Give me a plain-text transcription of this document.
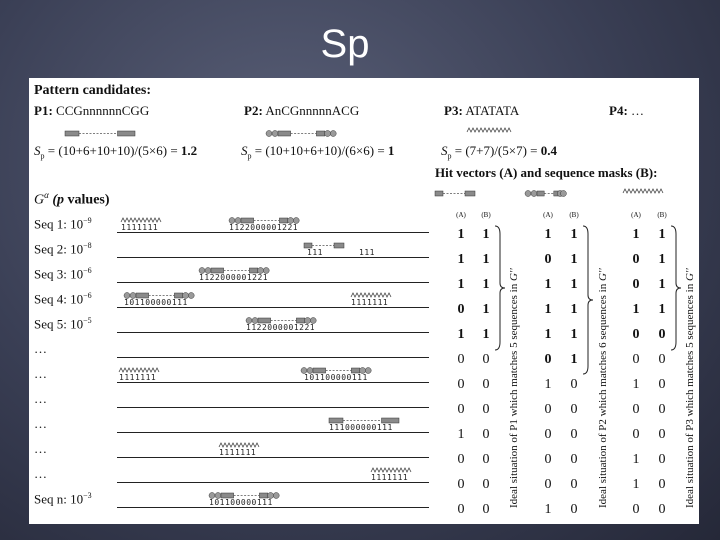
Sp
Pattern candidates:
P1: CCGnnnnnnCGG	P2: AnCGnnnnnACG	P3: ATATATA	P4: …
$S_p = (10+6+10+10)/(5\times 6) = 1.2$	$S_p = (10+10+6+10)/(6\times 6) = 1$	$S_p = (7+7)/(5\times 7) = 0.4$
$G^\alpha$ (p values)
Hit vectors (A) and sequence masks (B):
Seq 1: $10^{-9}$
1111111	1122000001221
Seq 2: $10^{-8}$
111	111
Seq 3: $10^{-6}$
1122000001221
Seq 4: $10^{-6}$
101100000111	1111111
Seq 5: $10^{-5}$
1122000001221
…
…	1111111	101100000111
…
…	111000000111
…	1111111
…	1111111
Seq n: $10^{-3}$
101100000111
(A)	(B)	(A)	(B)	(A)	(B)
1	1	1	1	1	1
1	1	0	1	0	1
1	1	1	1	0	1
0	1	1	1	1	1
1	1	1	1	0	0
0	0	0	1	0	0
0	0	1	0	1	0
0	0	0	0	0	0
1	0	0	0	0	0
0	0	0	0	1	0
0	0	0	0	1	0
0	0	1	0	0	0
Ideal situation of P1 which matches 5 sequences in G′′
Ideal situation of P2 which matches 6 sequences in G′′
Ideal situation of P3 which matches 5 sequences in G′′
